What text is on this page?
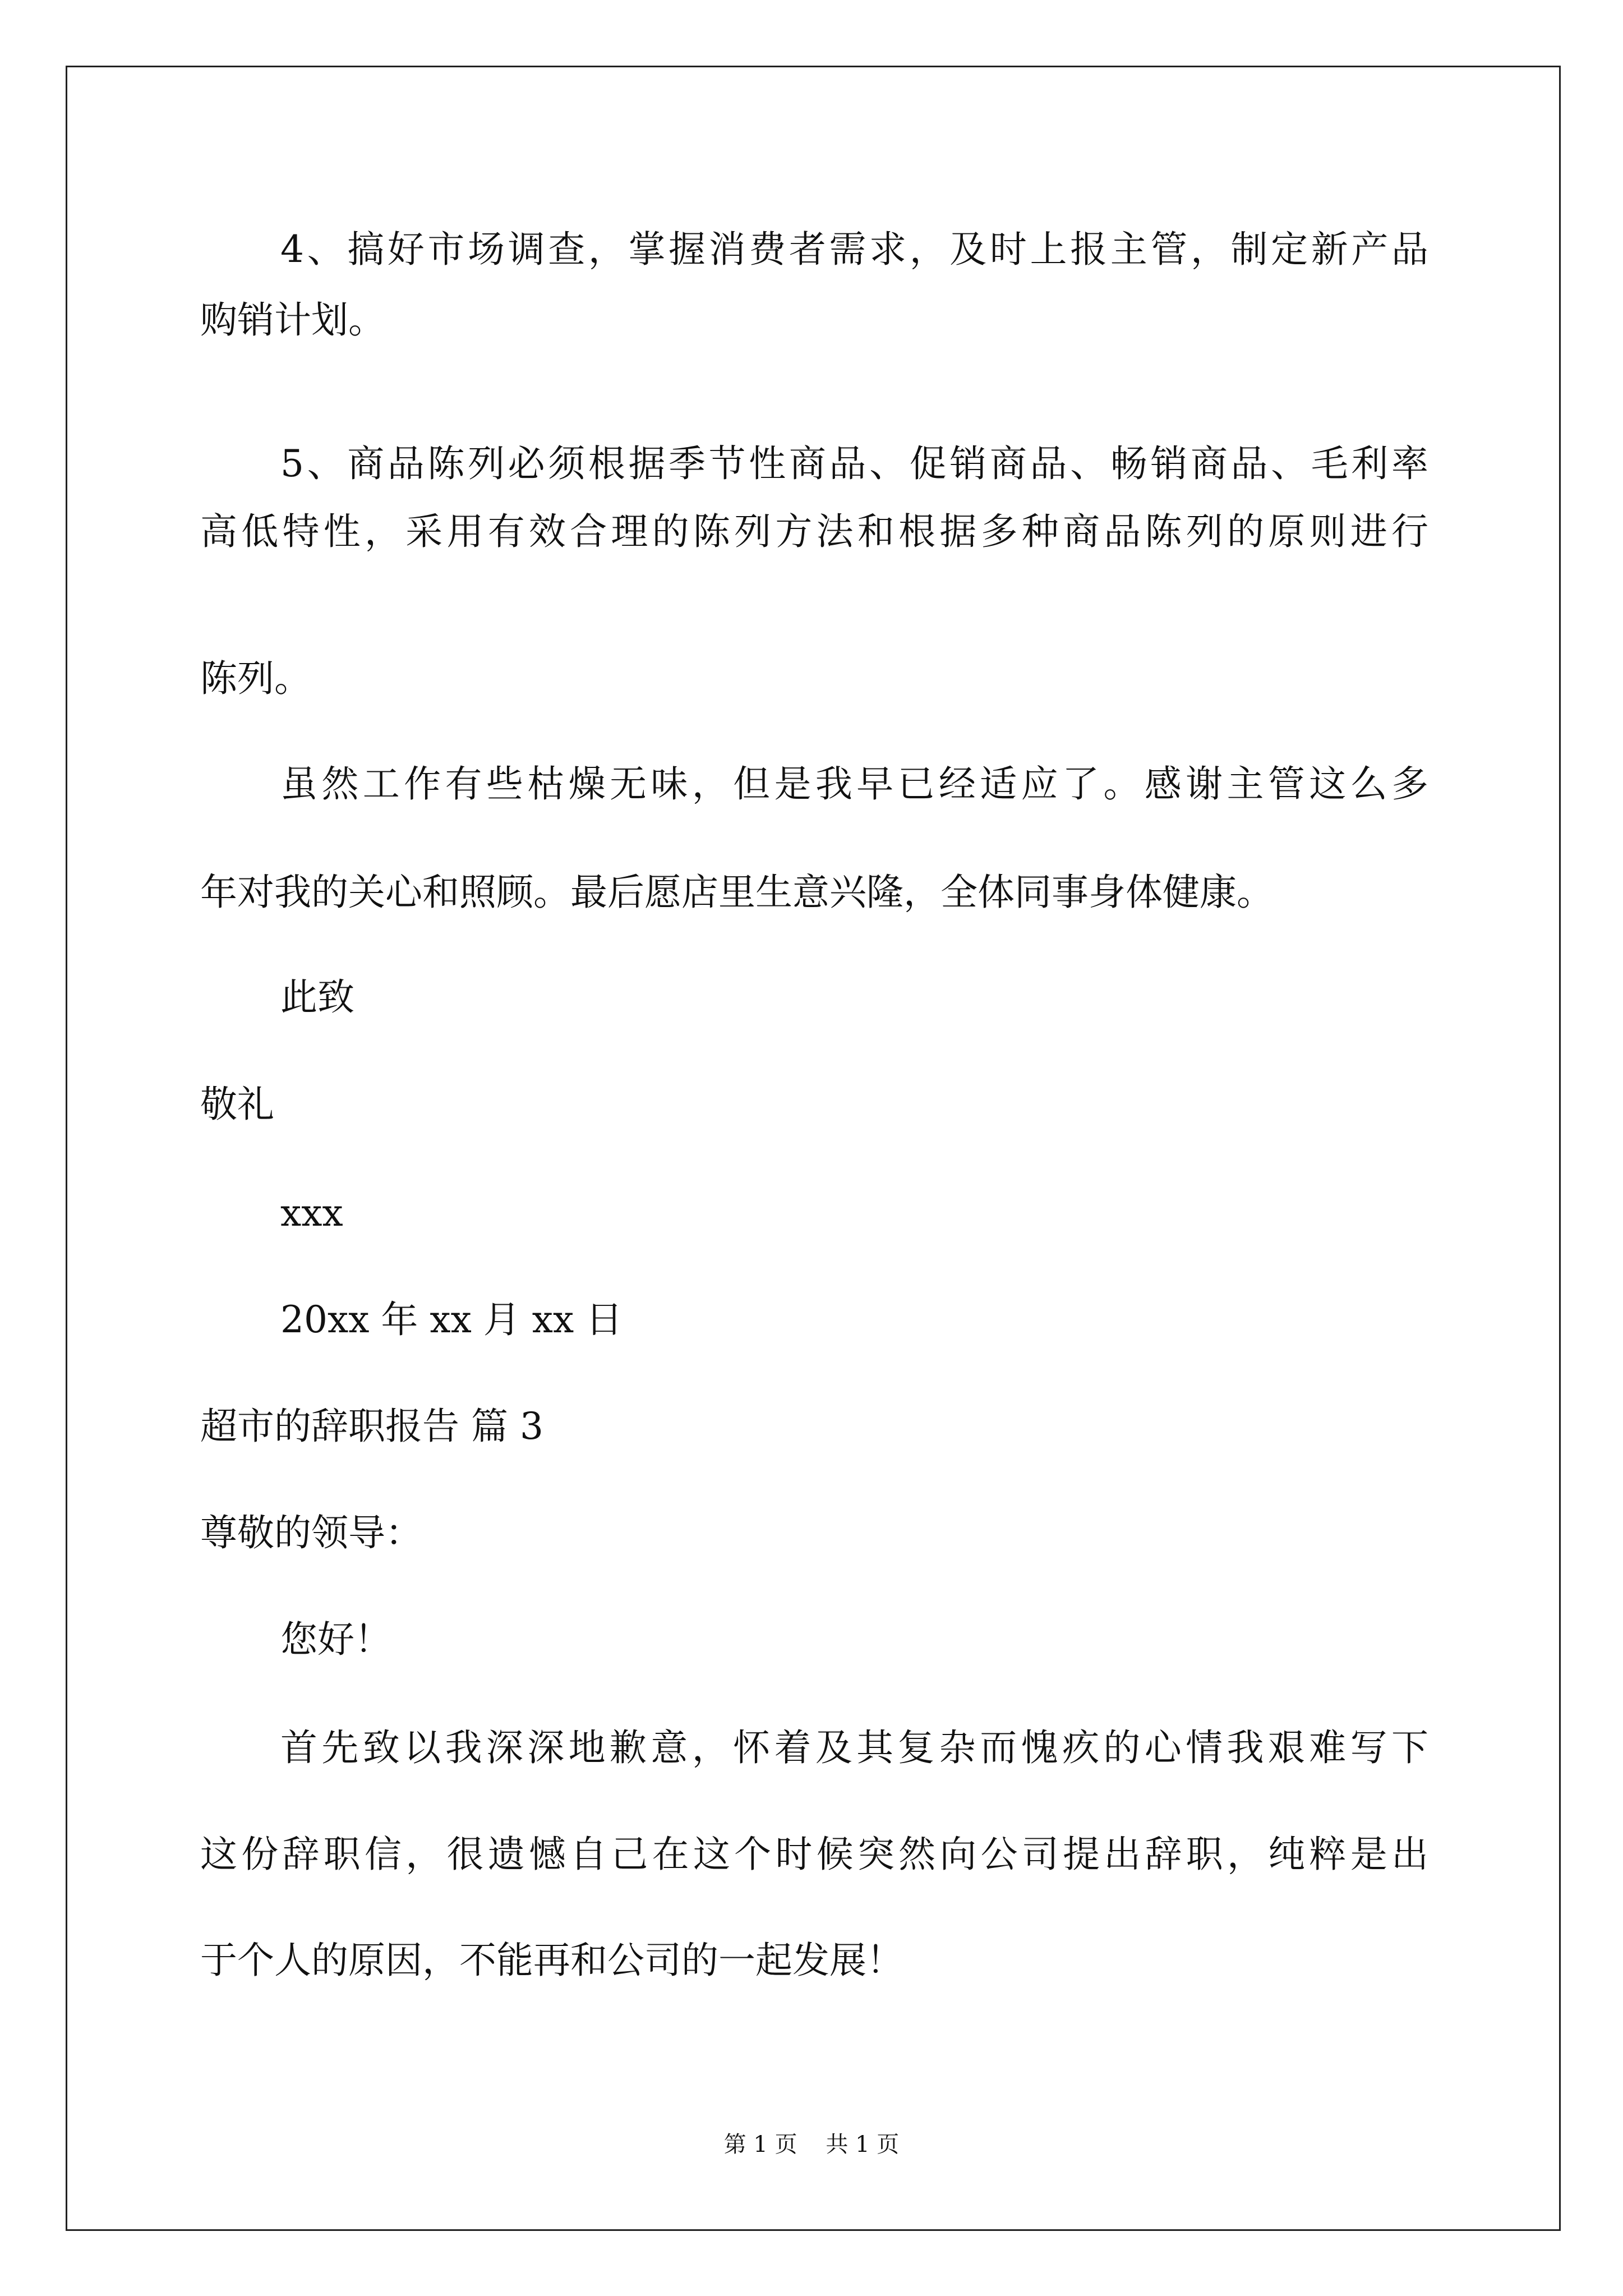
4、搞好市场调查，掌握消费者需求，及时上报主管，制定新产品
购销计划。
5、商品陈列必须根据季节性商品、促销商品、畅销商品、毛利率
高低特性，采用有效合理的陈列方法和根据多种商品陈列的原则进行
陈列。
虽然工作有些枯燥无味，但是我早已经适应了。感谢主管这么多
年对我的关心和照顾。最后愿店里生意兴隆，全体同事身体健康。
此致
敬礼
xxx
20xx 年 xx 月 xx 日
超市的辞职报告 篇 3
尊敬的领导：
您好！
首先致以我深深地歉意，怀着及其复杂而愧疚的心情我艰难写下
这份辞职信，很遗憾自己在这个时候突然向公司提出辞职，纯粹是出
于个人的原因，不能再和公司的一起发展！
第 1 页    共 1 页
